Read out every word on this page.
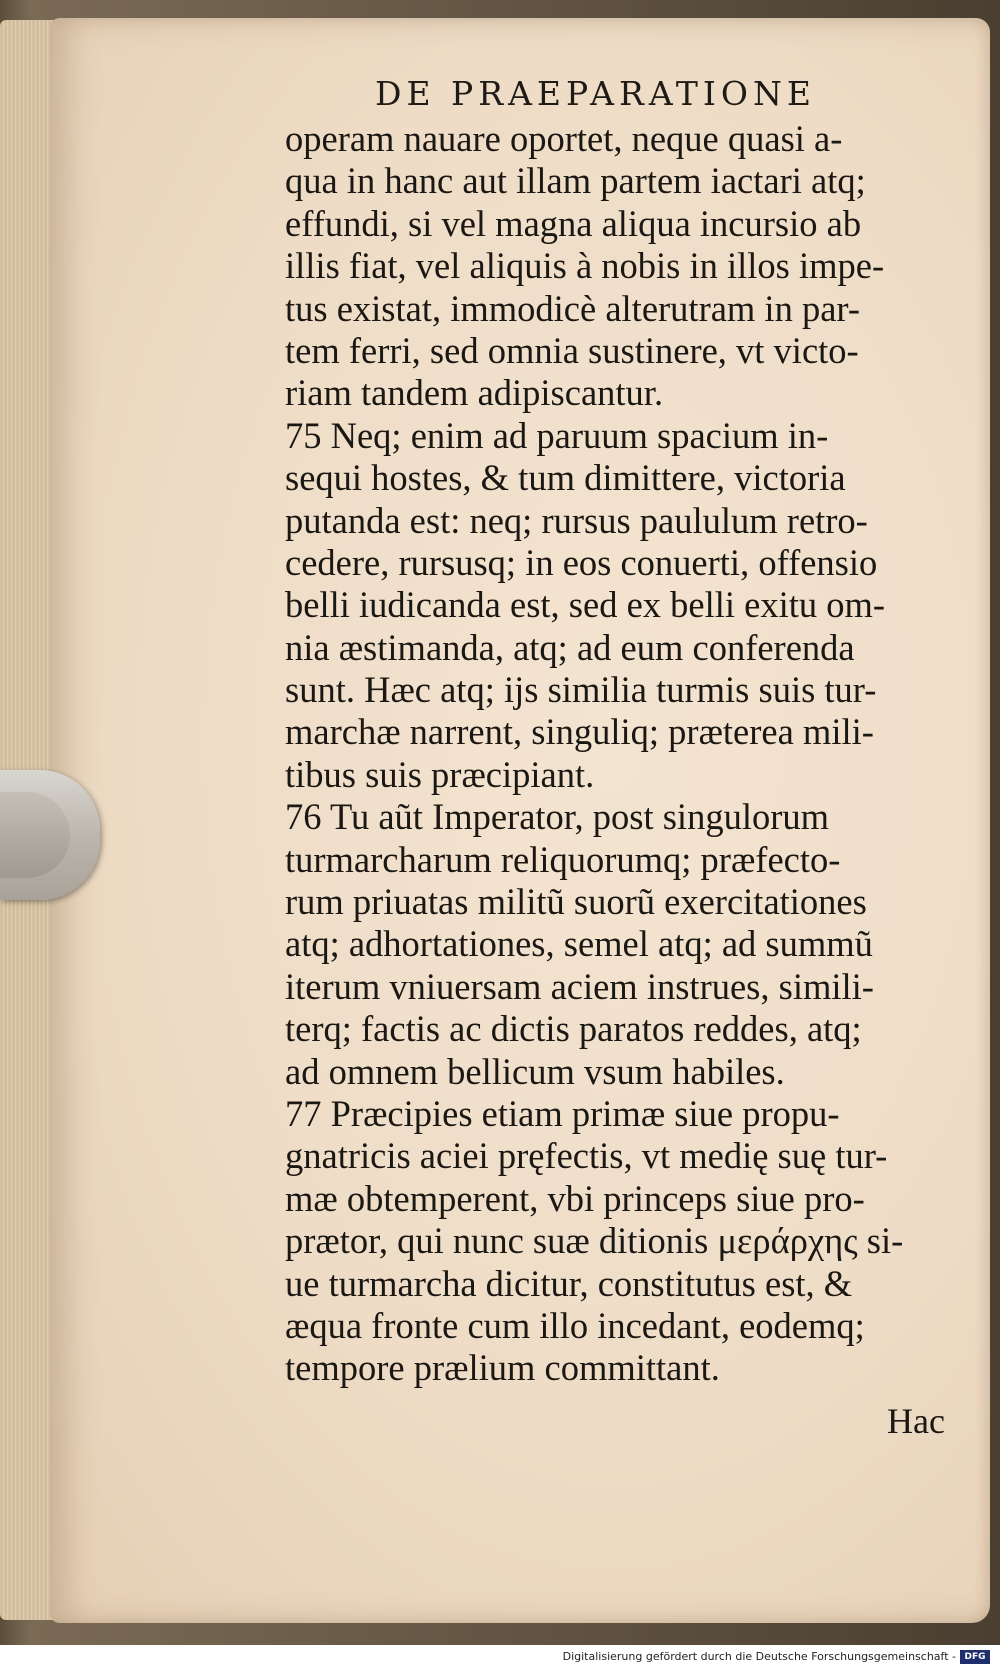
DE PRAEPARATIONE
operam nauare oportet, neque quasi a-
qua in hanc aut illam partem iactari atq;
effundi, si vel magna aliqua incursio ab
illis fiat, vel aliquis à nobis in illos impe-
tus existat, immodicè alterutram in par-
tem ferri, sed omnia sustinere, vt victo-
riam tandem adipiscantur.
75 Neq; enim ad paruum spacium in-
sequi hostes, & tum dimittere, victoria
putanda est: neq; rursus paululum retro-
cedere, rursusq; in eos conuerti, offensio
belli iudicanda est, sed ex belli exitu om-
nia æstimanda, atq; ad eum conferenda
sunt. Hæc atq; ijs similia turmis suis tur-
marchæ narrent, singuliq; præterea mili-
tibus suis præcipiant.
76 Tu aũt Imperator, post singulorum
turmarcharum reliquorumq; præfecto-
rum priuatas militũ suorũ exercitationes
atq; adhortationes, semel atq; ad summũ
iterum vniuersam aciem instrues, simili-
terq; factis ac dictis paratos reddes, atq;
ad omnem bellicum vsum habiles.
77 Præcipies etiam primæ siue propu-
gnatricis aciei pręfectis, vt medię suę tur-
mæ obtemperent, vbi princeps siue pro-
prætor, qui nunc suæ ditionis μεράρχης si-
ue turmarcha dicitur, constitutus est, &
æqua fronte cum illo incedant, eodemq;
tempore prælium committant.
Hac
Digitalisierung gefördert durch die Deutsche Forschungsgemeinschaft - DFG
